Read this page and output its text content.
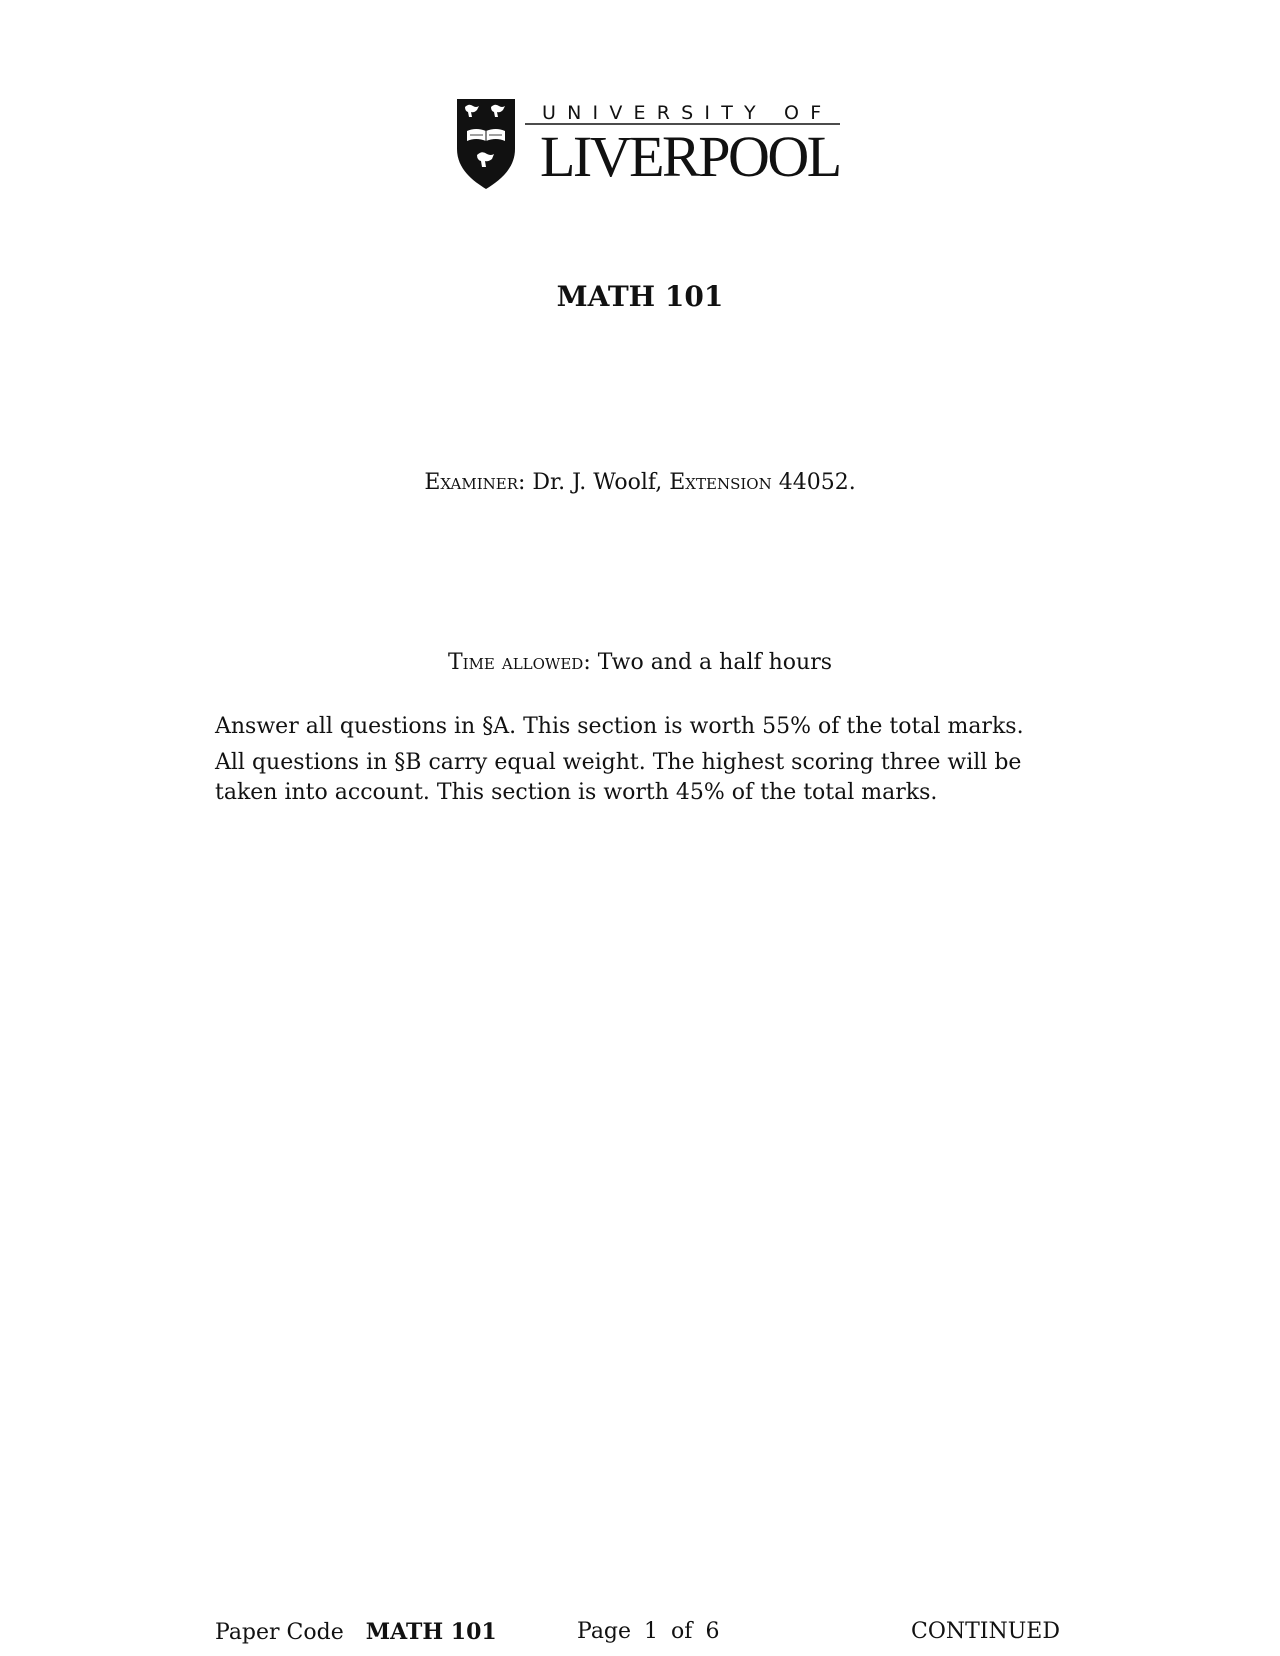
UNIVERSITY OF
LIVERPOOL
MATH 101
Examiner: Dr. J. Woolf, Extension 44052.
Time allowed: Two and a half hours
Answer all questions in §A. This section is worth 55% of the total marks.
All questions in §B carry equal weight. The highest scoring three will be taken into account. This section is worth 45% of the total marks.
Paper Code MATH 101	Page 1 of 6	CONTINUED
